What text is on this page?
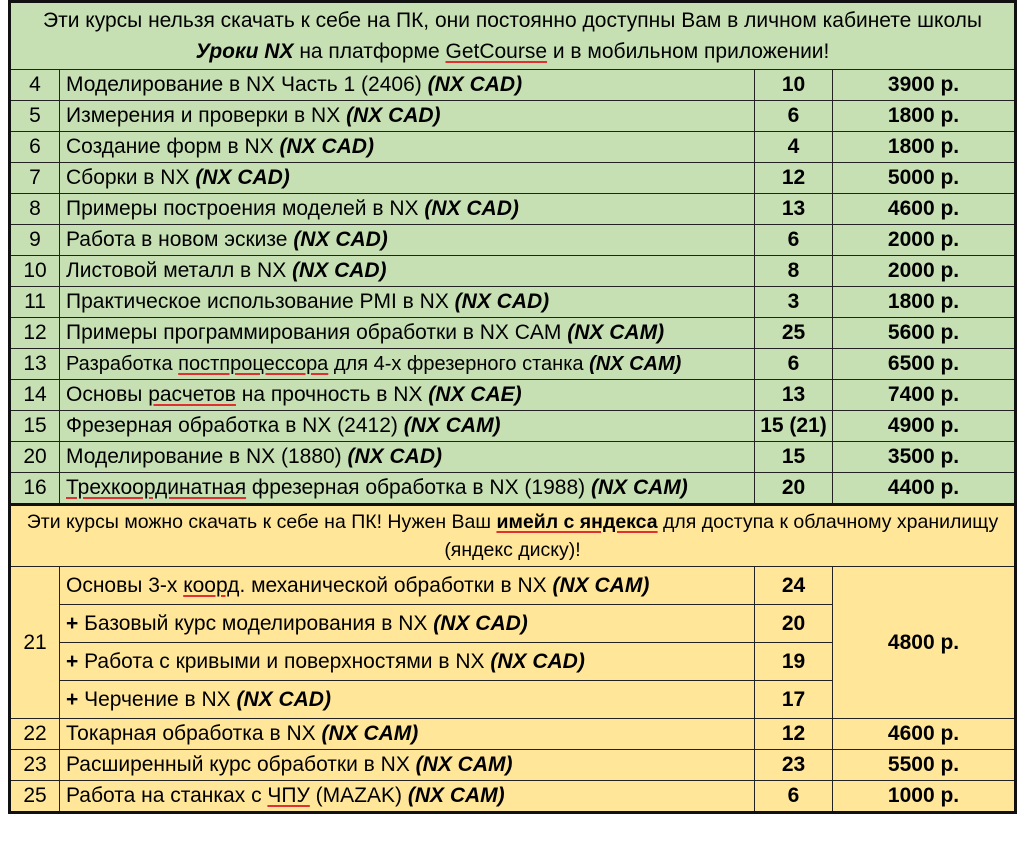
Эти курсы нельзя скачать к себе на ПК, они постоянно доступны Вам в личном кабинете школы Уроки NX на платформе GetCourse и в мобильном приложении!			
4	Моделирование в NX Часть 1 (2406) (NX CAD)	10	3900 р.
5	Измерения и проверки в NX (NX CAD)	6	1800 р.
6	Создание форм в NX (NX CAD)	4	1800 р.
7	Сборки в NX (NX CAD)	12	5000 р.
8	Примеры построения моделей в NX (NX CAD)	13	4600 р.
9	Работа в новом эскизе (NX CAD)	6	2000 р.
10	Листовой металл в NX (NX CAD)	8	2000 р.
11	Практическое использование PMI в NX (NX CAD)	3	1800 р.
12	Примеры программирования обработки в NX CAM (NX CAM)	25	5600 р.
13	Разработка постпроцессора для 4-х фрезерного станка (NX CAM)	6	6500 р.
14	Основы расчетов на прочность в NX (NX CAE)	13	7400 р.
15	Фрезерная обработка в NX (2412) (NX CAM)	15 (21)	4900 р.
20	Моделирование в NX (1880) (NX CAD)	15	3500 р.
16	Трехкоординатная фрезерная обработка в NX (1988) (NX CAM)	20	4400 р.
Эти курсы можно скачать к себе на ПК! Нужен Ваш имейл с яндекса для доступа к облачному хранилищу (яндекс диску)!			
21	Основы 3-х коорд. механической обработки в NX (NX CAM)	24	4800 р.
	+ Базовый курс моделирования в NX (NX CAD)	20	
	+ Работа с кривыми и поверхностями в NX (NX CAD)	19	
	+ Черчение в NX (NX CAD)	17	
22	Токарная обработка в NX (NX CAM)	12	4600 р.
23	Расширенный курс обработки в NX (NX CAM)	23	5500 р.
25	Работа на станках с ЧПУ (MAZAK) (NX CAM)	6	1000 р.
